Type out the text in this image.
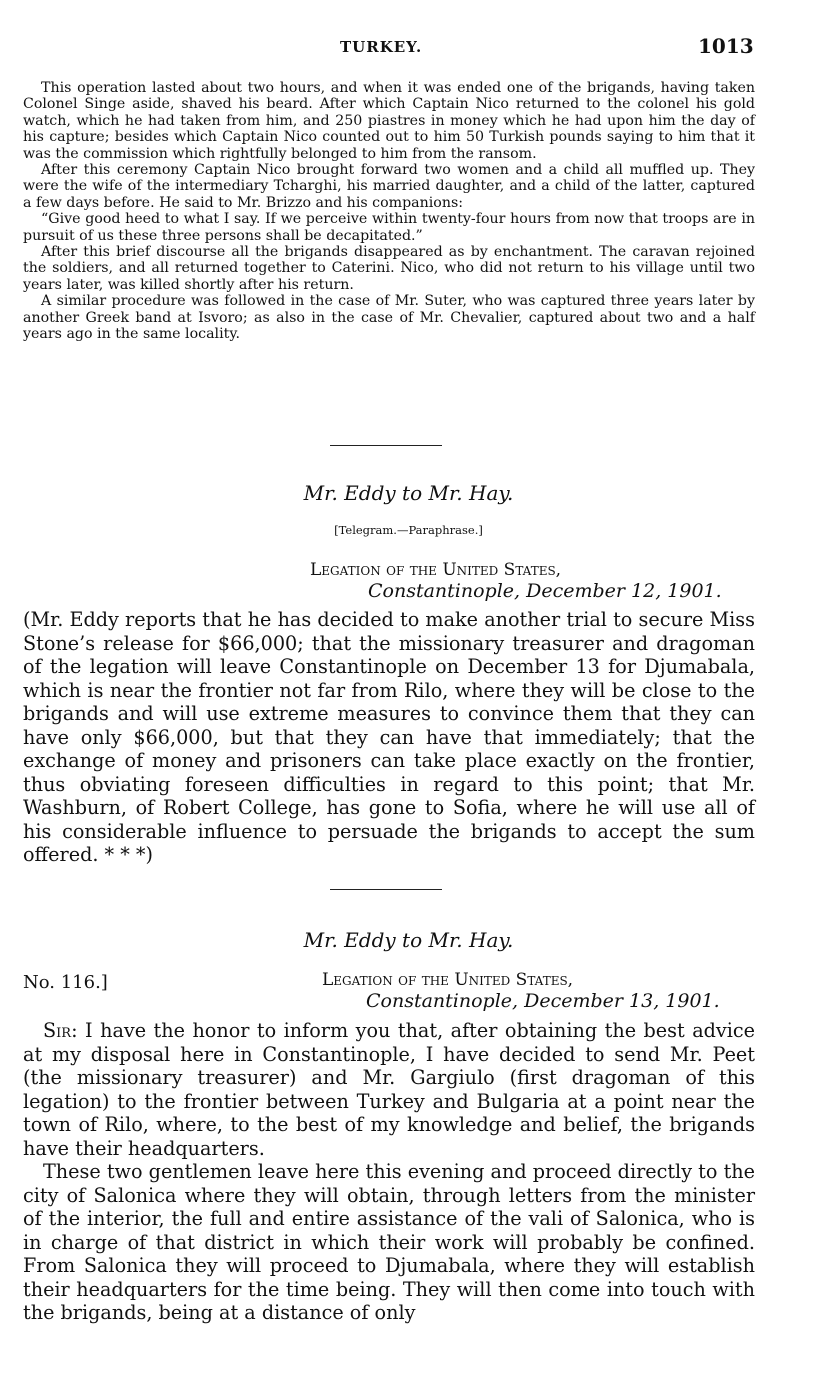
TURKEY.	1013

This operation lasted about two hours, and when it was ended one of the brigands, having taken Colonel Singe aside, shaved his beard. After which Captain Nico returned to the colonel his gold watch, which he had taken from him, and 250 piastres in money which he had upon him the day of his capture; besides which Captain Nico counted out to him 50 Turkish pounds saying to him that it was the commission which rightfully belonged to him from the ransom.

After this ceremony Captain Nico brought forward two women and a child all muffled up. They were the wife of the intermediary Tcharghi, his married daughter, and a child of the latter, captured a few days before. He said to Mr. Brizzo and his companions:

“Give good heed to what I say. If we perceive within twenty-four hours from now that troops are in pursuit of us these three persons shall be decapitated.”

After this brief discourse all the brigands disappeared as by enchantment. The caravan rejoined the soldiers, and all returned together to Caterini. Nico, who did not return to his village until two years later, was killed shortly after his return.

A similar procedure was followed in the case of Mr. Suter, who was captured three years later by another Greek band at Isvoro; as also in the case of Mr. Chevalier, captured about two and a half years ago in the same locality.

Mr. Eddy to Mr. Hay.
[Telegram.—Paraphrase.]
Legation of the United States,
Constantinople, December 12, 1901.

(Mr. Eddy reports that he has decided to make another trial to secure Miss Stone’s release for $66,000; that the missionary treasurer and dragoman of the legation will leave Constantinople on December 13 for Djumabala, which is near the frontier not far from Rilo, where they will be close to the brigands and will use extreme measures to convince them that they can have only $66,000, but that they can have that immediately; that the exchange of money and prisoners can take place exactly on the frontier, thus obviating foreseen difficulties in regard to this point; that Mr. Washburn, of Robert College, has gone to Sofia, where he will use all of his considerable influence to persuade the brigands to accept the sum offered. * * *)

Mr. Eddy to Mr. Hay.
No. 116.]	Legation of the United States,
Constantinople, December 13, 1901.

Sir: I have the honor to inform you that, after obtaining the best advice at my disposal here in Constantinople, I have decided to send Mr. Peet (the missionary treasurer) and Mr. Gargiulo (first dragoman of this legation) to the frontier between Turkey and Bulgaria at a point near the town of Rilo, where, to the best of my knowledge and belief, the brigands have their headquarters.

These two gentlemen leave here this evening and proceed directly to the city of Salonica where they will obtain, through letters from the minister of the interior, the full and entire assistance of the vali of Salonica, who is in charge of that district in which their work will probably be confined. From Salonica they will proceed to Djumabala, where they will establish their headquarters for the time being. They will then come into touch with the brigands, being at a distance of only
